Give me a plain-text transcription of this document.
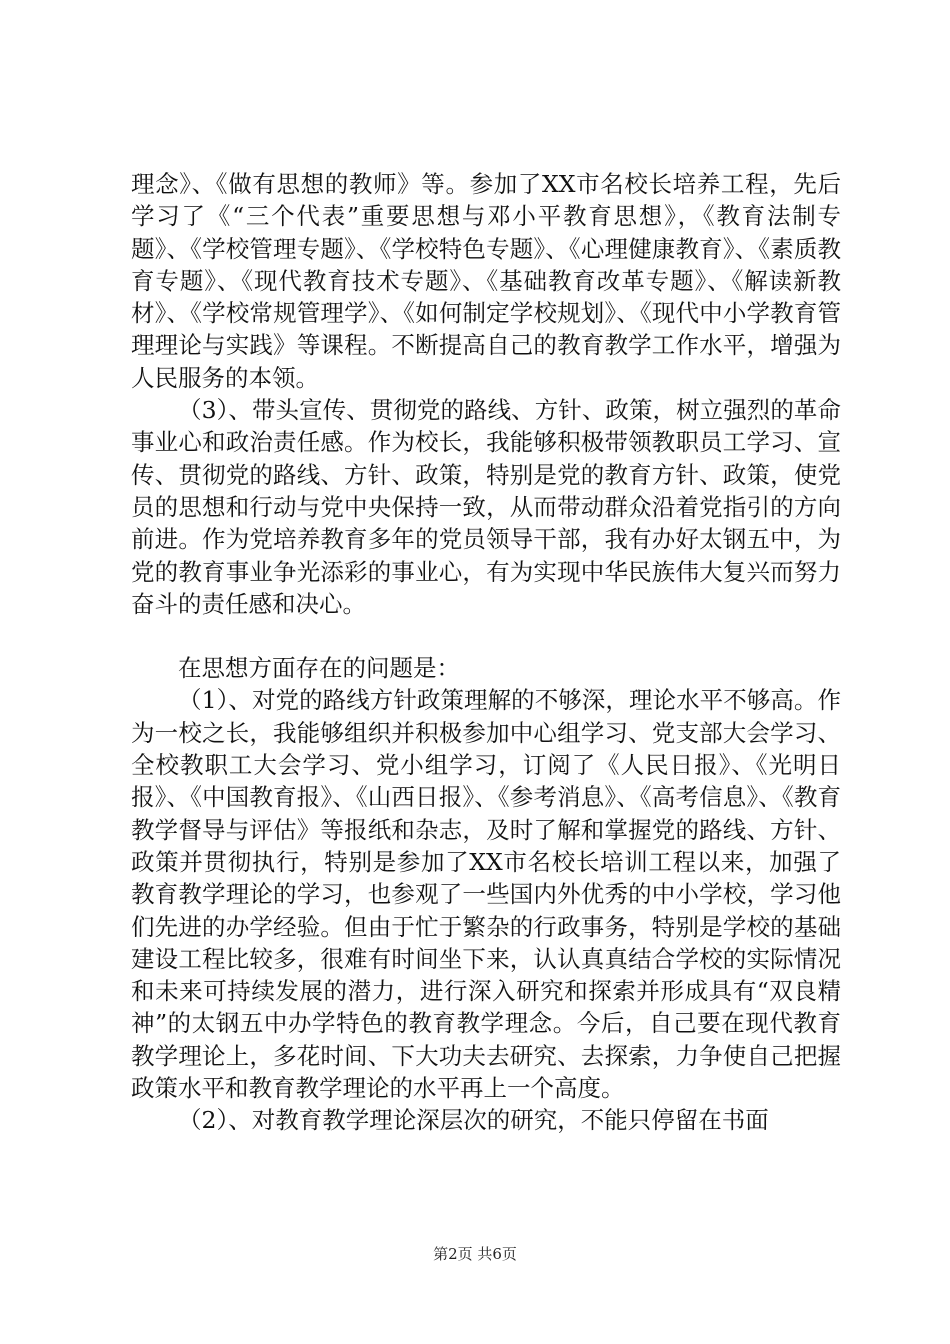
理念》、《做有思想的教师》等。参加了XX市名校长培养工程，先后学习了《“三个代表”重要思想与邓小平教育思想》，《教育法制专题》、《学校管理专题》、《学校特色专题》、《心理健康教育》、《素质教育专题》、《现代教育技术专题》、《基础教育改革专题》、《解读新教材》、《学校常规管理学》、《如何制定学校规划》、《现代中小学教育管理理论与实践》等课程。不断提高自己的教育教学工作水平，增强为人民服务的本领。

（3）、带头宣传、贯彻党的路线、方针、政策，树立强烈的革命事业心和政治责任感。作为校长，我能够积极带领教职员工学习、宣传、贯彻党的路线、方针、政策，特别是党的教育方针、政策，使党员的思想和行动与党中央保持一致，从而带动群众沿着党指引的方向前进。作为党培养教育多年的党员领导干部，我有办好太钢五中，为党的教育事业争光添彩的事业心，有为实现中华民族伟大复兴而努力奋斗的责任感和决心。

在思想方面存在的问题是：

（1）、对党的路线方针政策理解的不够深，理论水平不够高。作为一校之长，我能够组织并积极参加中心组学习、党支部大会学习、全校教职工大会学习、党小组学习，订阅了《人民日报》、《光明日报》、《中国教育报》、《山西日报》、《参考消息》、《高考信息》、《教育教学督导与评估》等报纸和杂志，及时了解和掌握党的路线、方针、政策并贯彻执行，特别是参加了XX市名校长培训工程以来，加强了教育教学理论的学习，也参观了一些国内外优秀的中小学校，学习他们先进的办学经验。但由于忙于繁杂的行政事务，特别是学校的基础建设工程比较多，很难有时间坐下来，认认真真结合学校的实际情况和未来可持续发展的潜力，进行深入研究和探索并形成具有“双良精神”的太钢五中办学特色的教育教学理念。今后，自己要在现代教育教学理论上，多花时间、下大功夫去研究、去探索，力争使自己把握政策水平和教育教学理论的水平再上一个高度。

（2）、对教育教学理论深层次的研究，不能只停留在书面

第2页 共6页
